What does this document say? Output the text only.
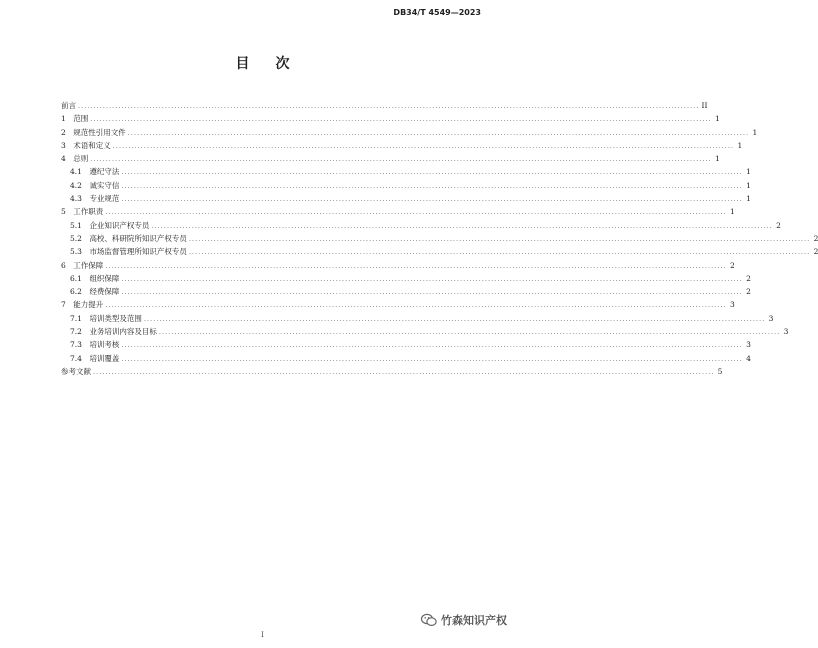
DB34/T 4549—2023
目次
前言 ........................................................................................................................................................................................................ II
1　 范围 ........................................................................................................................................................................................................ 1
2　 规范性引用文件 ........................................................................................................................................................................................................ 1
3　 术语和定义 ........................................................................................................................................................................................................ 1
4　 总则 ........................................................................................................................................................................................................ 1
4.1　 遵纪守法 ........................................................................................................................................................................................................ 1
4.2　 诚实守信 ........................................................................................................................................................................................................ 1
4.3　 专业规范 ........................................................................................................................................................................................................ 1
5　 工作职责 ........................................................................................................................................................................................................ 1
5.1　 企业知识产权专员 ........................................................................................................................................................................................................ 2
5.2　 高校、科研院所知识产权专员 ........................................................................................................................................................................................................ 2
5.3　 市场监督管理所知识产权专员 ........................................................................................................................................................................................................ 2
6　 工作保障 ........................................................................................................................................................................................................ 2
6.1　 组织保障 ........................................................................................................................................................................................................ 2
6.2　 经费保障 ........................................................................................................................................................................................................ 2
7　 能力提升 ........................................................................................................................................................................................................ 3
7.1　 培训类型及范围 ........................................................................................................................................................................................................ 3
7.2　 业务培训内容及目标 ........................................................................................................................................................................................................ 3
7.3　 培训考核 ........................................................................................................................................................................................................ 3
7.4　 培训覆盖 ........................................................................................................................................................................................................ 4
参考文献 ........................................................................................................................................................................................................ 5
I
竹森知识产权
